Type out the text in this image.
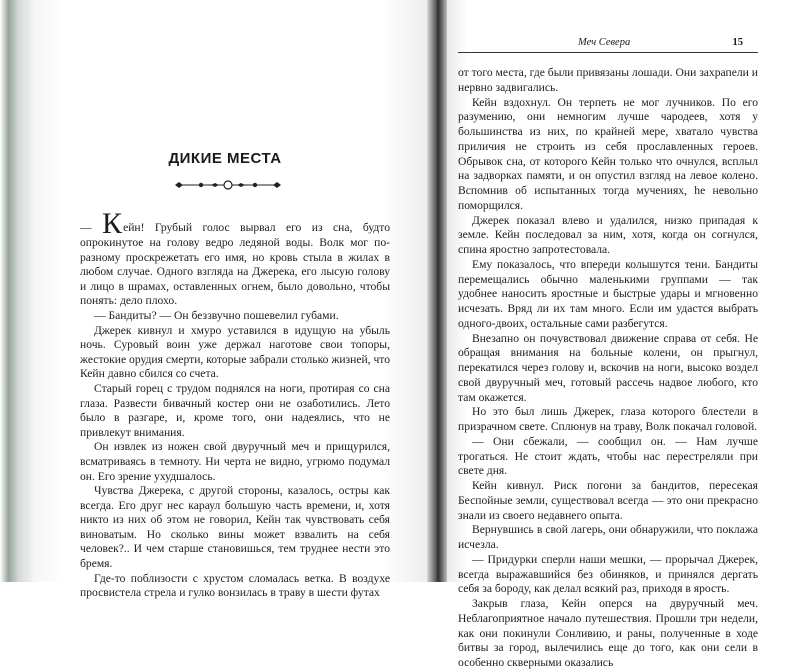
ДИКИЕ МЕСТА

— Кейн! Грубый голос вырвал его из сна, будто опрокинутое на голову ведро ледяной воды. Волк мог по-разному проскрежетать его имя, но кровь стыла в жилах в любом случае. Одного взгляда на Джерека, его лысую голову и лицо в шрамах, оставленных огнем, было довольно, чтобы понять: дело плохо.

— Бандиты? — Он беззвучно пошевелил губами.

Джерек кивнул и хмуро уставился в идущую на убыль ночь. Суровый воин уже держал наготове свои топоры, жестокие орудия смерти, которые забрали столько жизней, что Кейн давно сбился со счета.

Старый горец с трудом поднялся на ноги, протирая со сна глаза. Развести бивачный костер они не озаботились. Лето было в разгаре, и, кроме того, они надеялись, что не привлекут внимания.

Он извлек из ножен свой двуручный меч и прищурился, всматриваясь в темноту. Ни черта не видно, угрюмо подумал он. Его зрение ухудшалось.

Чувства Джерека, с другой стороны, казалось, остры как всегда. Его друг нес караул большую часть времени, и, хотя никто из них об этом не говорил, Кейн так чувствовать себя виноватым. Но сколько вины может взвалить на себя человек?.. И чем старше становишься, тем труднее нести это бремя.

Где-то поблизости с хрустом сломалась ветка. В воздухе просвистела стрела и гулко вонзилась в траву в шести футах

Меч Севера	15

от того места, где были привязаны лошади. Они захрапели и нервно задвигались.

Кейн вздохнул. Он терпеть не мог лучников. По его разумению, они немногим лучше чародеев, хотя у большинства из них, по крайней мере, хватало чувства приличия не строить из себя прославленных героев. Обрывок сна, от которого Кейн только что очнулся, всплыл на задворках памяти, и он опустил взгляд на левое колено. Вспомнив об испытанных тогда мучениях, he невольно поморщился.

Джерек показал влево и удалился, низко припадая к земле. Кейн последовал за ним, хотя, когда он согнулся, спина яростно запротестовала.

Ему показалось, что впереди колышутся тени. Бандиты перемещались обычно маленькими группами — так удобнее наносить яростные и быстрые удары и мгновенно исчезать. Вряд ли их там много. Если им удастся выбрать одного-двоих, остальные сами разбегутся.

Внезапно он почувствовал движение справа от себя. Не обращая внимания на больные колени, он прыгнул, перекатился через голову и, вскочив на ноги, высоко воздел свой двуручный меч, готовый рассечь надвое любого, кто там окажется.

Но это был лишь Джерек, глаза которого блестели в призрачном свете. Сплюнув на траву, Волк покачал головой.

— Они сбежали, — сообщил он. — Нам лучше трогаться. Не стоит ждать, чтобы нас перестреляли при свете дня.

Кейн кивнул. Риск погони за бандитов, пересекая Беспойные земли, существовал всегда — это они прекрасно знали из своего недавнего опыта.

Вернувшись в свой лагерь, они обнаружили, что поклажа исчезла.

— Придурки сперли наши мешки, — прорычал Джерек, всегда выражавшийся без обиняков, и принялся дергать себя за бороду, как делал всякий раз, приходя в ярость.

Закрыв глаза, Кейн оперся на двуручный меч. Неблагоприятное начало путешествия. Прошли три недели, как они покинули Сонливию, и раны, полученные в ходе битвы за город, вылечились еще до того, как они сели в особенно скверными оказались
